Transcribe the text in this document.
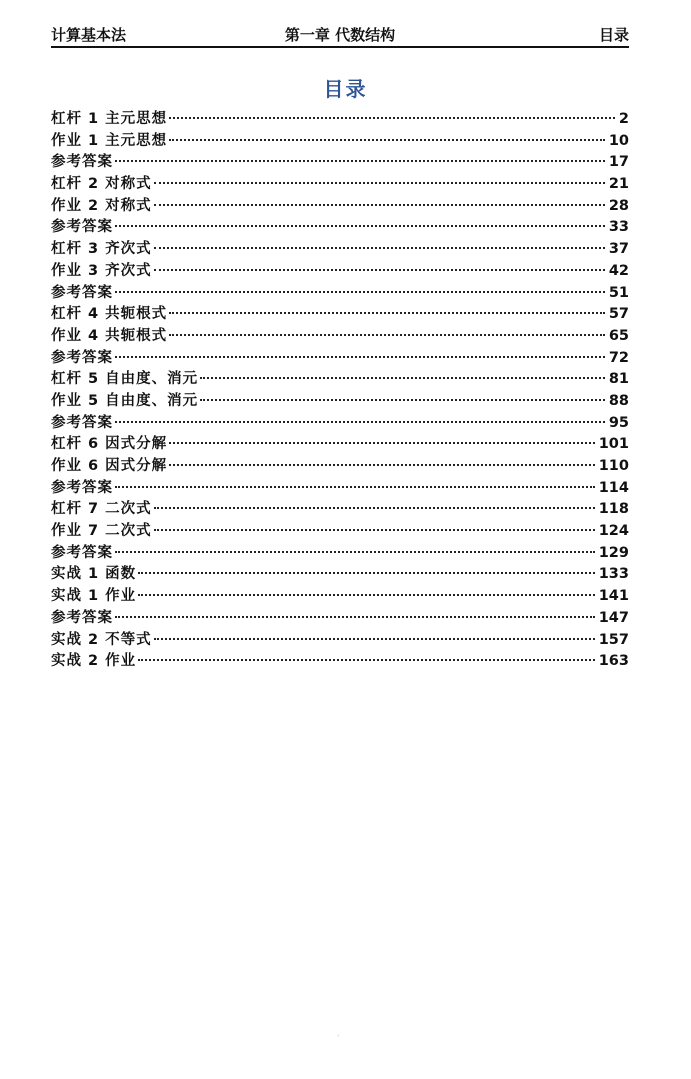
计算基本法	第一章 代数结构	目录
目录
杠杆 1 主元思想	2
作业 1 主元思想	10
参考答案	17
杠杆 2 对称式	21
作业 2 对称式	28
参考答案	33
杠杆 3 齐次式	37
作业 3 齐次式	42
参考答案	51
杠杆 4 共轭根式	57
作业 4 共轭根式	65
参考答案	72
杠杆 5 自由度、消元	81
作业 5 自由度、消元	88
参考答案	95
杠杆 6 因式分解	101
作业 6 因式分解	110
参考答案	114
杠杆 7 二次式	118
作业 7 二次式	124
参考答案	129
实战 1 函数	133
实战 1 作业	141
参考答案	147
实战 2 不等式	157
实战 2 作业	163
ˈ
